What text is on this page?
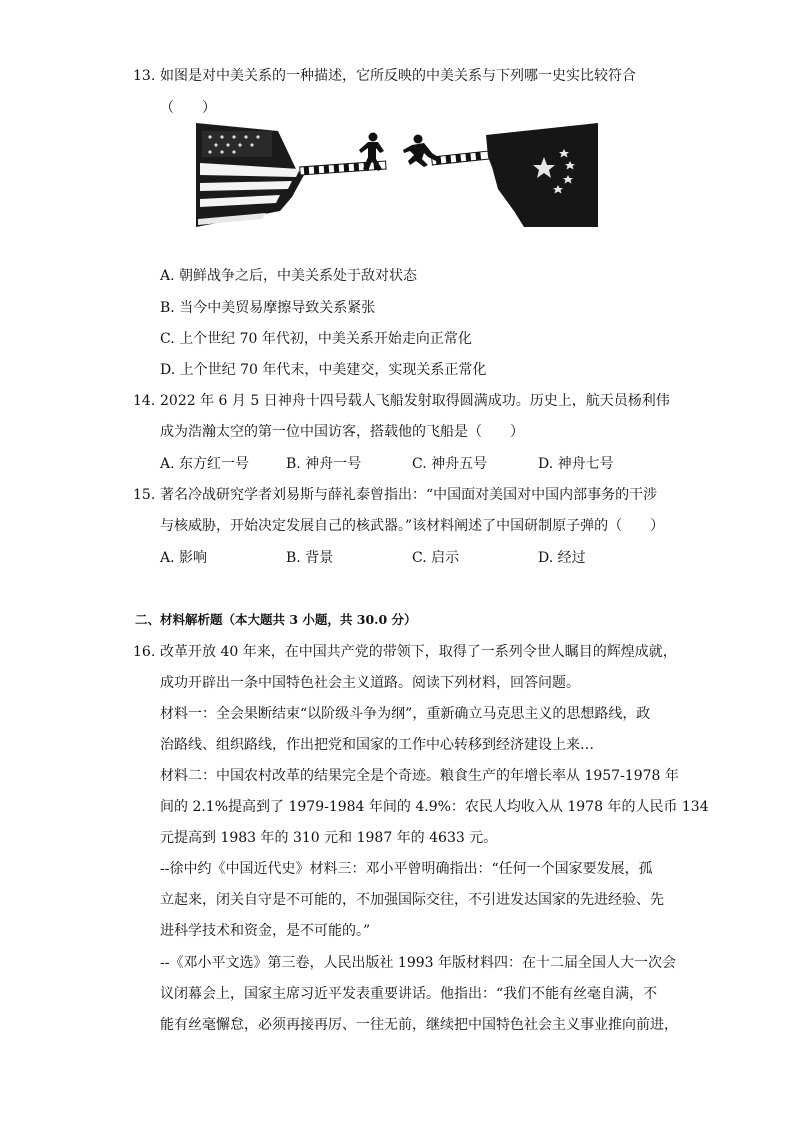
13. 如图是对中美关系的一种描述，它所反映的中美关系与下列哪一史实比较符合
（　　）
A. 朝鲜战争之后，中美关系处于敌对状态
B. 当今中美贸易摩擦导致关系紧张
C. 上个世纪 70 年代初，中美关系开始走向正常化
D. 上个世纪 70 年代末，中美建交，实现关系正常化
14. 2022 年 6 月 5 日神舟十四号载人飞船发射取得圆满成功。历史上，航天员杨利伟
成为浩瀚太空的第一位中国访客，搭载他的飞船是（　　）
A. 东方红一号	B. 神舟一号	C. 神舟五号	D. 神舟七号
15. 著名冷战研究学者刘易斯与薛礼泰曾指出：“中国面对美国对中国内部事务的干涉
与核威胁，开始决定发展自己的核武器。”该材料阐述了中国研制原子弹的（　　）
A. 影响	B. 背景	C. 启示	D. 经过
二、材料解析题（本大题共 3 小题，共 30.0 分）
16. 改革开放 40 年来，在中国共产党的带领下，取得了一系列令世人瞩目的辉煌成就，
成功开辟出一条中国特色社会主义道路。阅读下列材料，回答问题。
材料一：全会果断结束“以阶级斗争为纲”，重新确立马克思主义的思想路线，政
治路线、组织路线，作出把党和国家的工作中心转移到经济建设上来…
材料二：中国农村改革的结果完全是个奇迹。粮食生产的年增长率从 1957-1978 年
间的 2.1%提高到了 1979-1984 年间的 4.9%：农民人均收入从 1978 年的人民币 134
元提高到 1983 年的 310 元和 1987 年的 4633 元。
--徐中约《中国近代史》材料三：邓小平曾明确指出：“任何一个国家要发展，孤
立起来，闭关自守是不可能的，不加强国际交往，不引进发达国家的先进经验、先
进科学技术和资金，是不可能的。”
--《邓小平文选》第三卷，人民出版社 1993 年版材料四：在十二届全国人大一次会
议闭幕会上，国家主席习近平发表重要讲话。他指出：“我们不能有丝毫自满，不
能有丝毫懈怠，必须再接再厉、一往无前，继续把中国特色社会主义事业推向前进，
